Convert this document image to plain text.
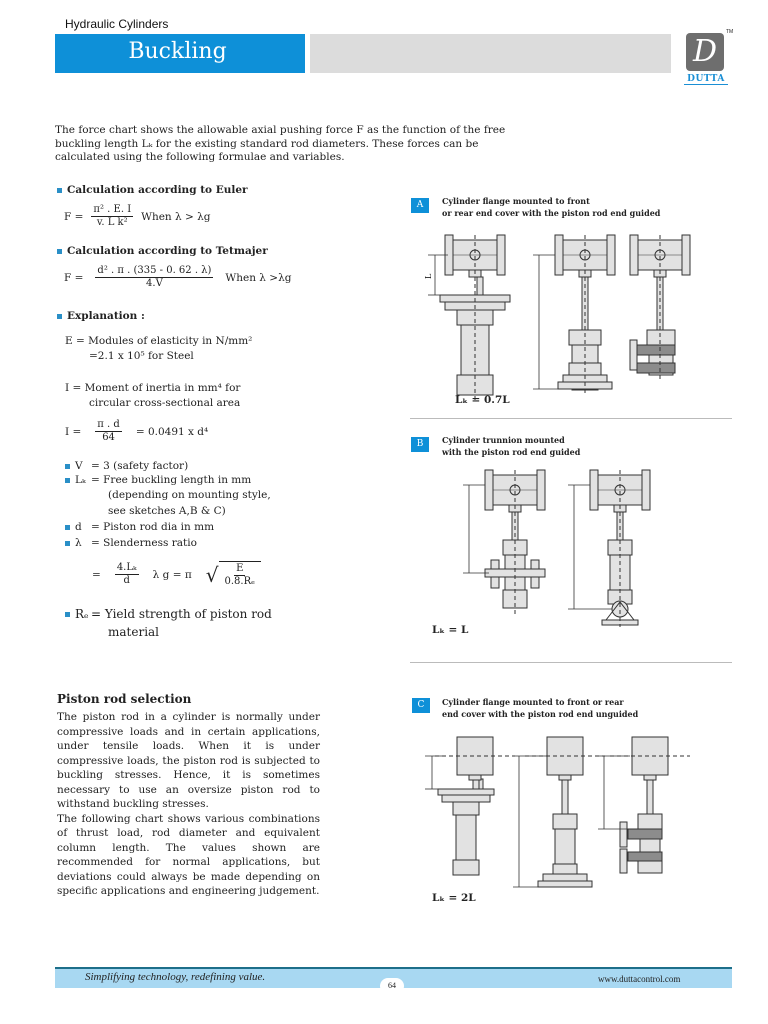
Hydraulic Cylinders
Buckling	D
TM
DUTTA
The force chart shows the allowable axial pushing force F as the function of the free buckling length Lₖ for the existing standard rod diameters. These forces can be calculated using the following formulae and variables.
Calculation according to Euler
$F = \frac{\text{π² . E. I}}{\text{v. L k²}}$ When λ > λg
Calculation according to Tetmajer
$F = \frac{\text{d² . π . (335 - 0. 62 . λ)}}{4.V}$ When λ >λg
Explanation :
E = Modules of elasticity in N/mm²
=2.1 x 10⁵ for Steel
I = Moment of inertia in mm⁴ for
circular cross-sectional area
$I = \frac{\pi . d}{64} = 0.0491$ x d⁴
V = 3 (safety factor)
Lₖ = Free buckling length in mm
(depending on mounting style,
see sketches A,B & C)
d = Piston rod dia in mm
λ = Slenderness ratio
= $\frac{\text{4.Lₖ}}{d}$ λ g = π √ $\frac{E}{\text{0.8.Rₑ}}$
Rₑ = Yield strength of piston rod
material
Piston rod selection
The piston rod in a cylinder is normally under compressive loads and in certain applications, under tensile loads. When it is under compressive loads, the piston rod is subjected to buckling stresses. Hence, it is sometimes necessary to use an oversize piston rod to withstand buckling stresses.
The following chart shows various combinations of thrust load, rod diameter and equivalent column length. The values shown are recommended for normal applications, but deviations could always be made depending on specific applications and engineering judgement.
A	Cylinder flange mounted to front
or rear end cover with the piston rod end guided
L
Lₖ = 0.7L
B	Cylinder trunnion mounted
with the piston rod end guided
Lₖ = L
C	Cylinder flange mounted to front or rear
end cover with the piston rod end unguided
Lₖ = 2L
Simplifying technology, redefining value.
64
www.duttacontrol.com
